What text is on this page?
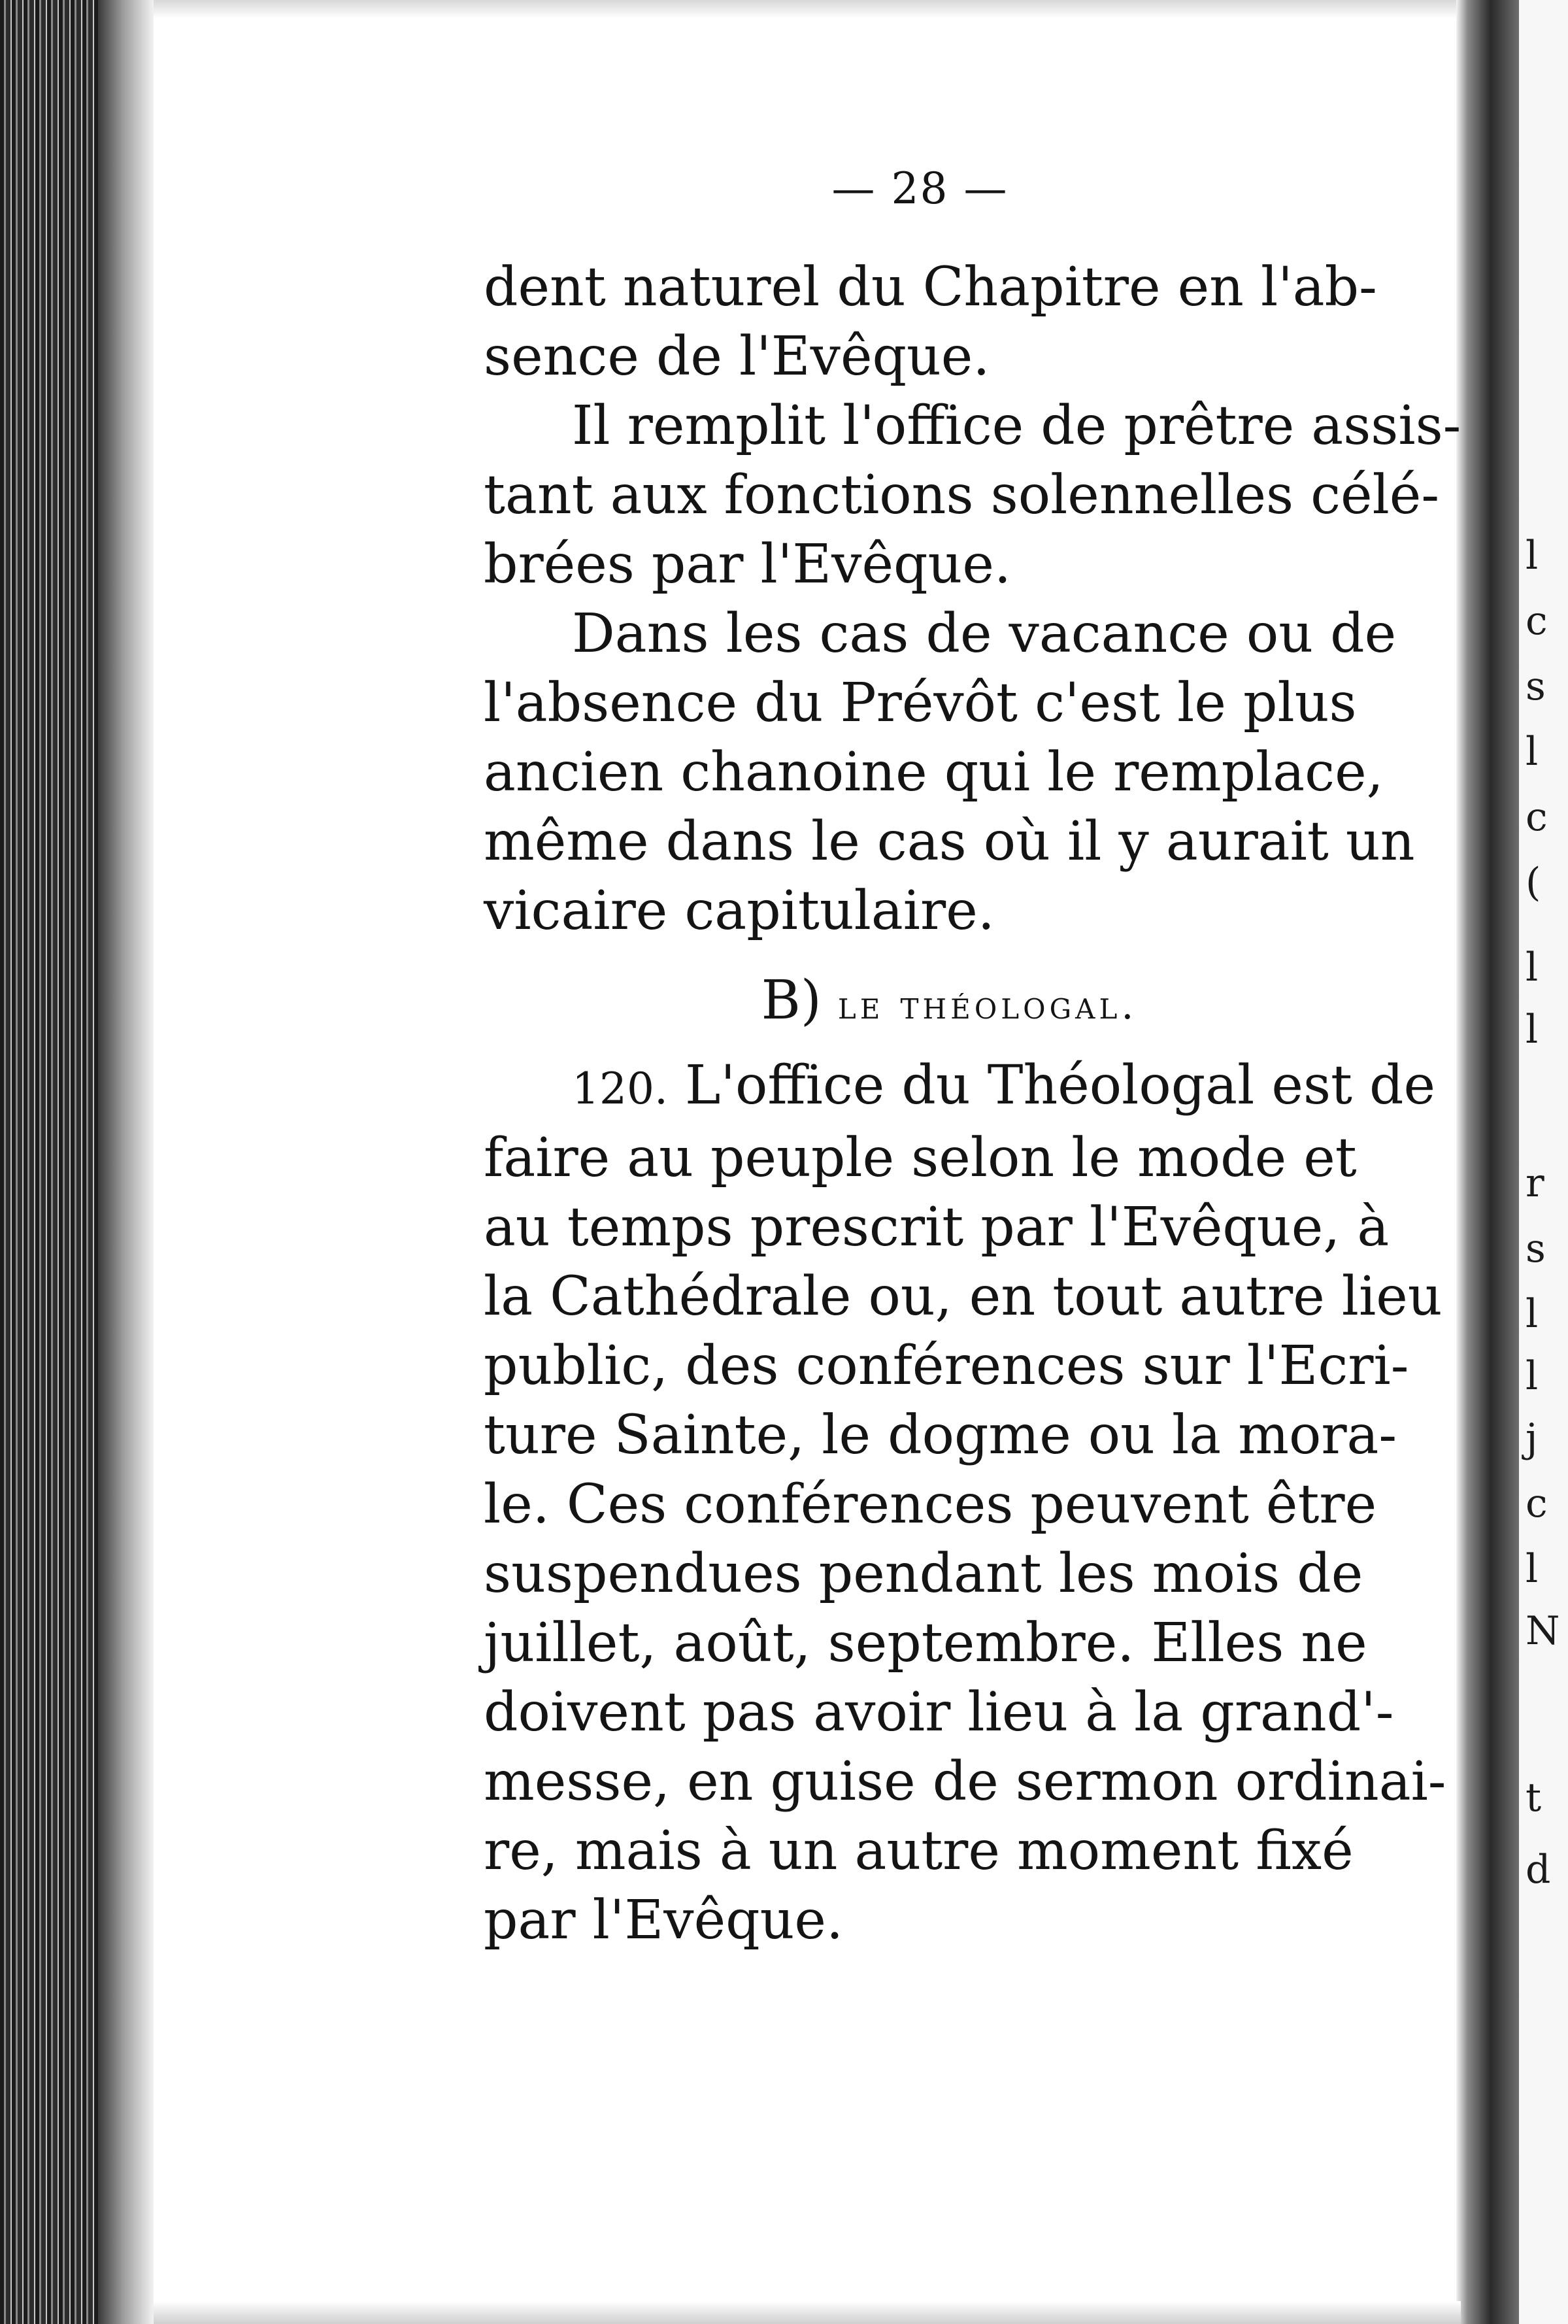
l
c
s
l
c
(
l
l
r
s
l
l
j
c
l
N
t
d
— 28 —

dent naturel du Chapitre en l'ab-
sence de l'Evêque.

Il remplit l'office de prêtre assis-
tant aux fonctions solennelles célé-
brées par l'Evêque.

Dans les cas de vacance ou de
l'absence du Prévôt c'est le plus
ancien chanoine qui le remplace,
même dans le cas où il y aurait un
vicaire capitulaire.

B) le théologal.
120. L'office du Théologal est de
faire au peuple selon le mode et
au temps prescrit par l'Evêque, à
la Cathédrale ou, en tout autre lieu
public, des conférences sur l'Ecri-
ture Sainte, le dogme ou la mora-
le. Ces conférences peuvent être
suspendues pendant les mois de
juillet, août, septembre. Elles ne
doivent pas avoir lieu à la grand'-
messe, en guise de sermon ordinai-
re, mais à un autre moment fixé
par l'Evêque.
